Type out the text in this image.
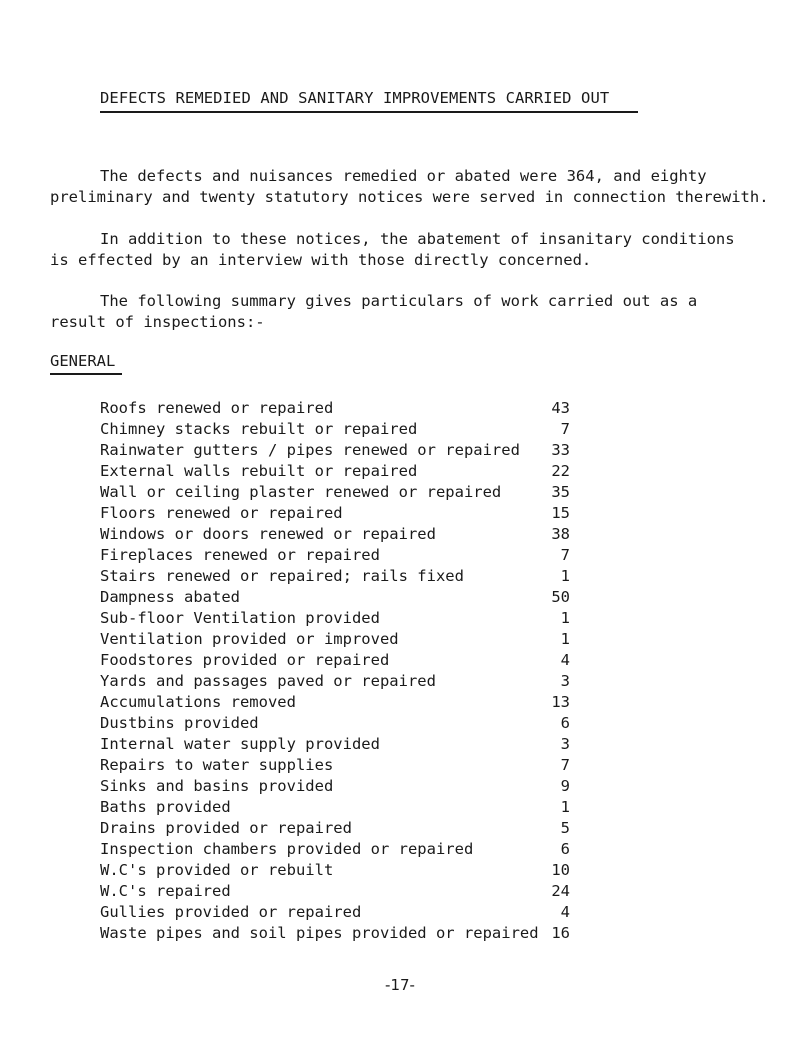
DEFECTS REMEDIED AND SANITARY IMPROVEMENTS CARRIED OUT
The defects and nuisances remedied or abated were 364, and eighty
preliminary and twenty statutory notices were served in connection therewith.
In addition to these notices, the abatement of insanitary conditions
is effected by an interview with those directly concerned.
The following summary gives particulars of work carried out as a
result of inspections:-
GENERAL
Roofs renewed or repaired	43
Chimney stacks rebuilt or repaired	7
Rainwater gutters / pipes renewed or repaired 33
External walls rebuilt or repaired	22
Wall or ceiling plaster renewed or repaired	35
Floors renewed or repaired	15
Windows or doors renewed or repaired	38
Fireplaces renewed or repaired	7
Stairs renewed or repaired; rails fixed	1
Dampness abated	50
Sub-floor Ventilation provided	1
Ventilation provided or improved	1
Foodstores provided or repaired	4
Yards and passages paved or repaired	3
Accumulations removed	13
Dustbins provided	6
Internal water supply provided	3
Repairs to water supplies	7
Sinks and basins provided	9
Baths provided	1
Drains provided or repaired	5
Inspection chambers provided or repaired	6
W.C's provided or rebuilt	10
W.C's repaired	24
Gullies provided or repaired	4
Waste pipes and soil pipes provided or repaired 16
-17-
